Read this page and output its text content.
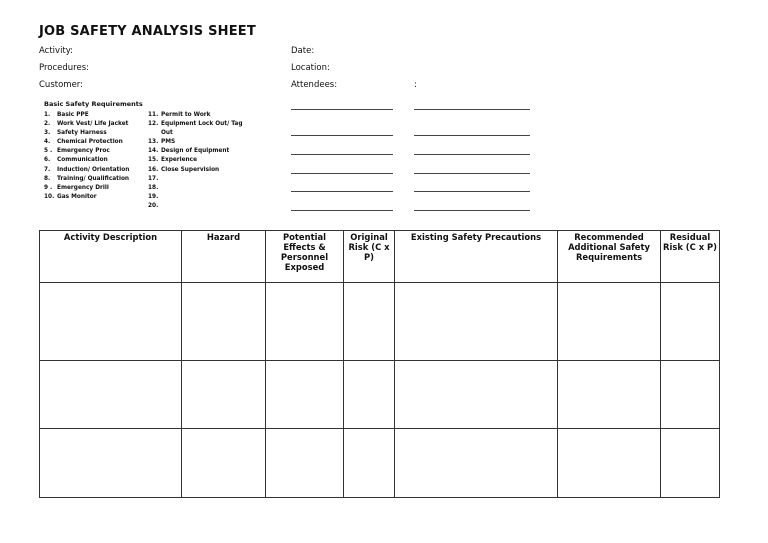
JOB SAFETY ANALYSIS SHEET
Activity:
Procedures:
Customer:
Date:
Location:
Attendees:	:
Basic Safety Requirements
1. Basic PPE
2. Work Vest/ Life Jacket
3. Safety Harness
4. Chemical Protection
5 . Emergency Proc
6. Communication
7. Induction/ Orientation
8. Training/ Qualification
9 . Emergency Drill
10. Gas Monitor
11. Permit to Work
12. Equipment Lock Out/ Tag
Out
13. PMS
14. Design of Equipment
15. Experience
16. Close Supervision
17.
18.
19.
20.
Activity Description	Hazard	Potential Effects & Personnel Exposed	Original Risk (C x P)	Existing Safety Precautions	Recommended Additional Safety Requirements	Residual Risk (C x P)
